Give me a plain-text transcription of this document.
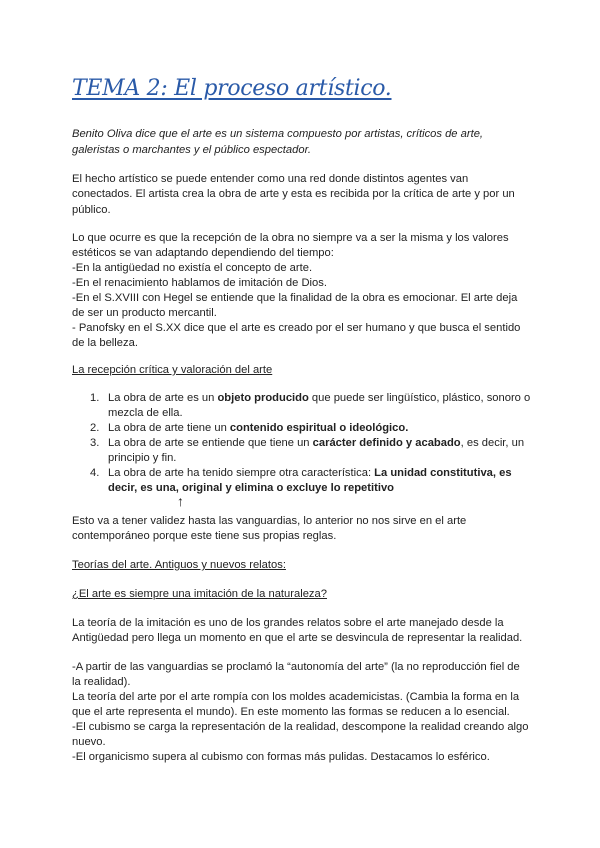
TEMA 2: El proceso artístico.

Benito Oliva dice que el arte es un sistema compuesto por artistas, críticos de arte,

galeristas o marchantes y el público espectador.

El hecho artístico se puede entender como una red donde distintos agentes van

conectados. El artista crea la obra de arte y esta es recibida por la crítica de arte y por un

público.

Lo que ocurre es que la recepción de la obra no siempre va a ser la misma y los valores

estéticos se van adaptando dependiendo del tiempo:

-En la antigüedad no existía el concepto de arte.

-En el renacimiento hablamos de imitación de Dios.

-En el S.XVIII con Hegel se entiende que la finalidad de la obra es emocionar. El arte deja

de ser un producto mercantil.

- Panofsky en el S.XX dice que el arte es creado por el ser humano y que busca el sentido

de la belleza.

La recepción crítica y valoración del arte

1. La obra de arte es un objeto producido que puede ser lingüístico, plástico, sonoro o
mezcla de ella.
2. La obra de arte tiene un contenido espiritual o ideológico.
3. La obra de arte se entiende que tiene un carácter definido y acabado, es decir, un
principio y fin.
4. La obra de arte ha tenido siempre otra característica: La unidad constitutiva, es
decir, es una, original y elimina o excluye lo repetitivo
↑

Esto va a tener validez hasta las vanguardias, lo anterior no nos sirve en el arte

contemporáneo porque este tiene sus propias reglas.

Teorías del arte. Antiguos y nuevos relatos:

¿El arte es siempre una imitación de la naturaleza?

La teoría de la imitación es uno de los grandes relatos sobre el arte manejado desde la

Antigüedad pero llega un momento en que el arte se desvincula de representar la realidad.

-A partir de las vanguardias se proclamó la “autonomía del arte” (la no reproducción fiel de

la realidad).

La teoría del arte por el arte rompía con los moldes academicistas. (Cambia la forma en la

que el arte representa el mundo). En este momento las formas se reducen a lo esencial.

-El cubismo se carga la representación de la realidad, descompone la realidad creando algo

nuevo.

-El organicismo supera al cubismo con formas más pulidas. Destacamos lo esférico.
